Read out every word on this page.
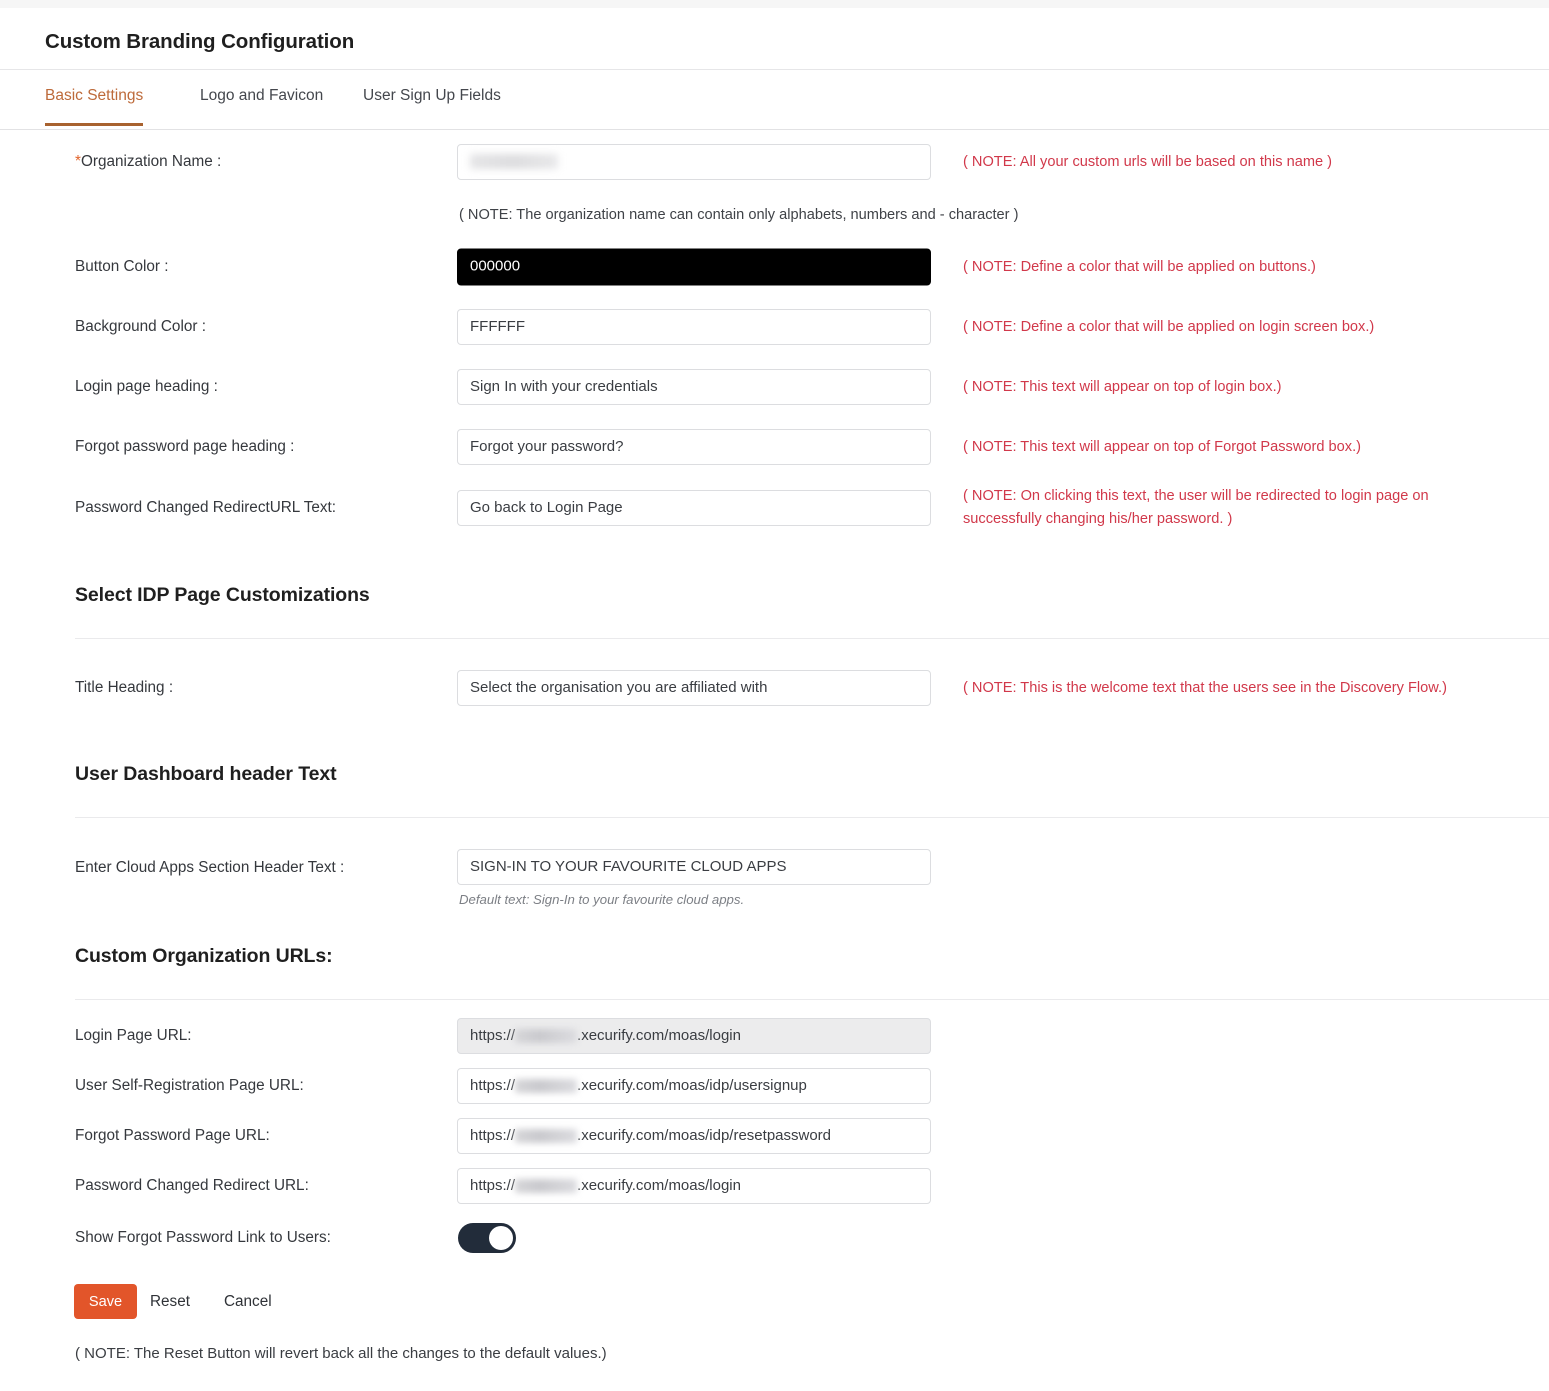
Custom Branding Configuration
Basic Settings	Logo and Favicon	User Sign Up Fields
*Organization Name :	( NOTE: All your custom urls will be based on this name )
( NOTE: The organization name can contain only alphabets, numbers and - character )
Button Color :	000000	( NOTE: Define a color that will be applied on buttons.)
Background Color :	FFFFFF	( NOTE: Define a color that will be applied on login screen box.)
Login page heading :	Sign In with your credentials	( NOTE: This text will appear on top of login box.)
Forgot password page heading :	Forgot your password?	( NOTE: This text will appear on top of Forgot Password box.)
Password Changed RedirectURL Text:	Go back to Login Page
( NOTE: On clicking this text, the user will be redirected to login page on successfully changing his/her password. )
Select IDP Page Customizations
Title Heading :	Select the organisation you are affiliated with	( NOTE: This is the welcome text that the users see in the Discovery Flow.)
User Dashboard header Text
Enter Cloud Apps Section Header Text :	SIGN-IN TO YOUR FAVOURITE CLOUD APPS
Default text: Sign-In to your favourite cloud apps.
Custom Organization URLs:
Login Page URL:	https://	.xecurify.com/moas/login
User Self-Registration Page URL:	https://	.xecurify.com/moas/idp/usersignup
Forgot Password Page URL:	https://	.xecurify.com/moas/idp/resetpassword
Password Changed Redirect URL:	https://	.xecurify.com/moas/login
Show Forgot Password Link to Users:
Save	Reset Cancel
( NOTE: The Reset Button will revert back all the changes to the default values.)
